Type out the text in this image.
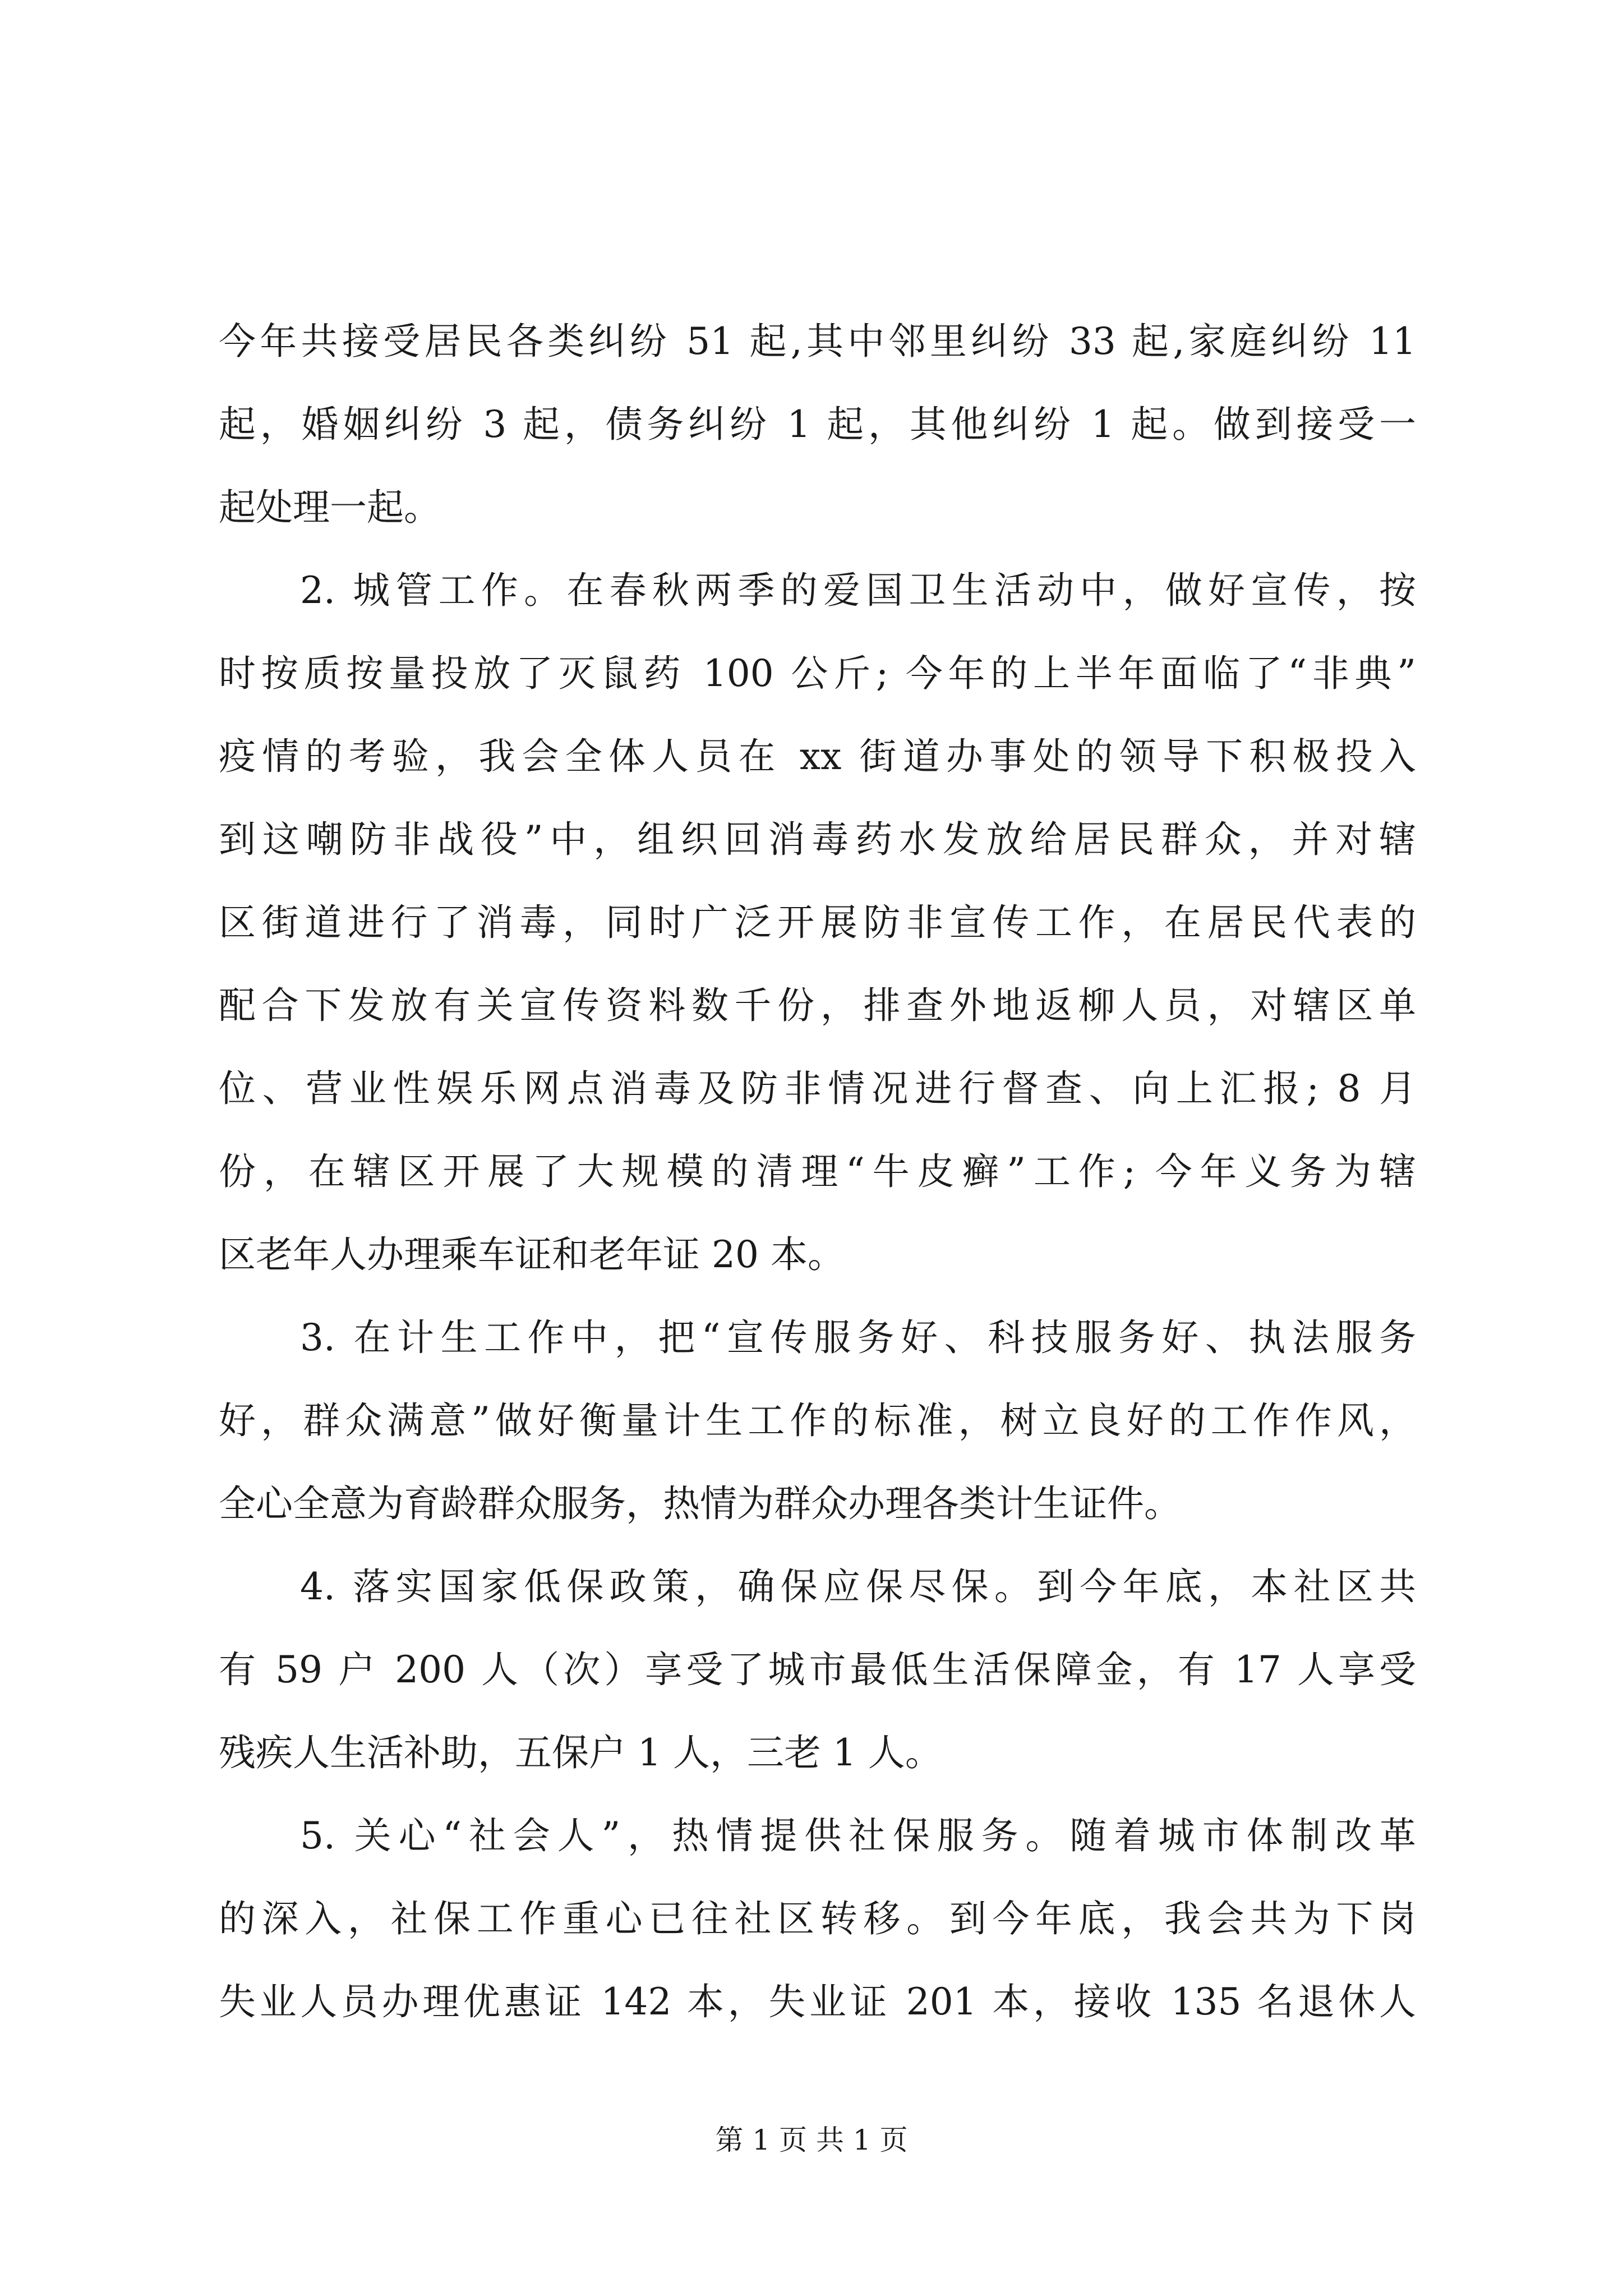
今年共接受居民各类纠纷 51 起,其中邻里纠纷 33 起,家庭纠纷 11
起，婚姻纠纷 3 起，债务纠纷 1 起，其他纠纷 1 起。做到接受一
起处理一起。
2. 城管工作。在春秋两季的爱国卫生活动中，做好宣传，按
时按质按量投放了灭鼠药 100 公斤; 今年的上半年面临了“非典”
疫情的考验，我会全体人员在 xx 街道办事处的领导下积极投入
到这嘲防非战役”中，组织回消毒药水发放给居民群众，并对辖
区街道进行了消毒，同时广泛开展防非宣传工作，在居民代表的
配合下发放有关宣传资料数千份，排查外地返柳人员，对辖区单
位、营业性娱乐网点消毒及防非情况进行督查、向上汇报; 8 月
份，在辖区开展了大规模的清理“牛皮癣”工作; 今年义务为辖
区老年人办理乘车证和老年证 20 本。
3. 在计生工作中，把“宣传服务好、科技服务好、执法服务
好，群众满意”做好衡量计生工作的标准，树立良好的工作作风，
全心全意为育龄群众服务，热情为群众办理各类计生证件。
4. 落实国家低保政策，确保应保尽保。到今年底，本社区共
有 59 户 200 人（次）享受了城市最低生活保障金，有 17 人享受
残疾人生活补助，五保户 1 人，三老 1 人。
5. 关心“社会人”，热情提供社保服务。随着城市体制改革
的深入，社保工作重心已往社区转移。到今年底，我会共为下岗
失业人员办理优惠证 142 本，失业证 201 本，接收 135 名退休人
第 1 页 共 1 页
